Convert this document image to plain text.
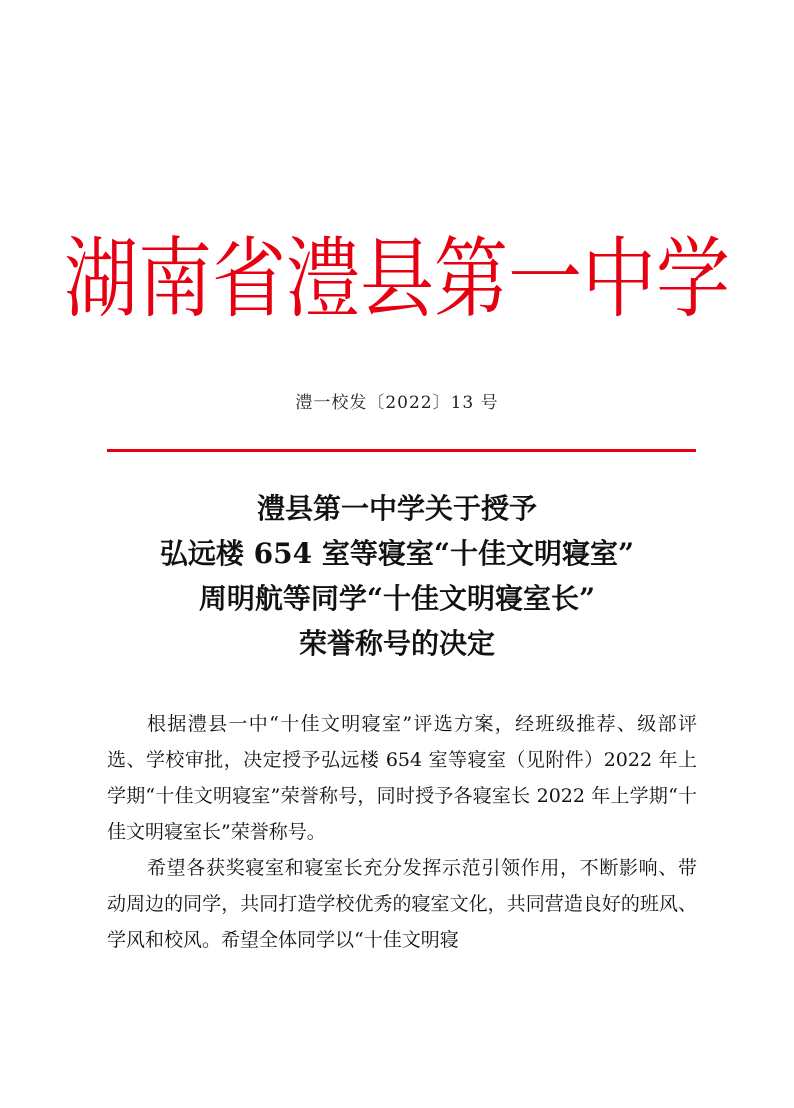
湖南省澧县第一中学
澧一校发〔2022〕13 号
澧县第一中学关于授予
弘远楼 654 室等寝室“十佳文明寝室”
周明航等同学“十佳文明寝室长”
荣誉称号的决定

根据澧县一中“十佳文明寝室”评选方案，经班级推荐、级部评选、学校审批，决定授予弘远楼 654 室等寝室（见附件）2022 年上学期“十佳文明寝室”荣誉称号，同时授予各寝室长 2022 年上学期“十佳文明寝室长”荣誉称号。

希望各获奖寝室和寝室长充分发挥示范引领作用，不断影响、带动周边的同学，共同打造学校优秀的寝室文化，共同营造良好的班风、学风和校风。希望全体同学以“十佳文明寝
